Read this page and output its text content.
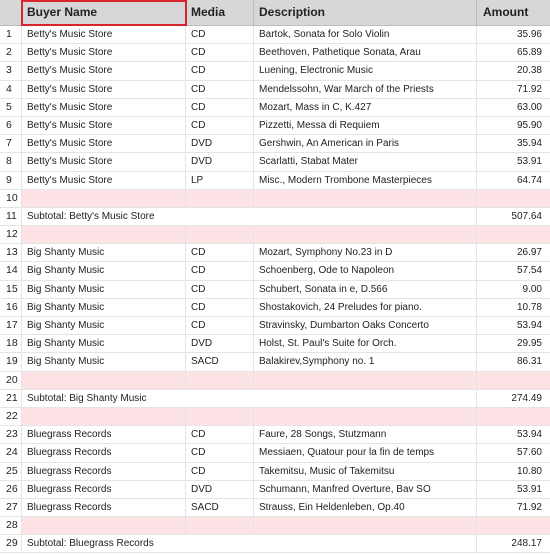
Buyer Name	Media	Description	Amount
1	Betty's Music Store	CD	Bartok, Sonata for Solo Violin	35.96
2	Betty's Music Store	CD	Beethoven, Pathetique Sonata, Arau	65.89
3	Betty's Music Store	CD	Luening, Electronic Music	20.38
4	Betty's Music Store	CD	Mendelssohn, War March of the Priests	71.92
5	Betty's Music Store	CD	Mozart, Mass in C, K.427	63.00
6	Betty's Music Store	CD	Pizzetti, Messa di Requiem	95.90
7	Betty's Music Store	DVD	Gershwin, An American in Paris	35.94
8	Betty's Music Store	DVD	Scarlatti, Stabat Mater	53.91
9	Betty's Music Store	LP	Misc., Modern Trombone Masterpieces	64.74
10
11	Subtotal: Betty's Music Store	507.64
12
13 Big Shanty Music	CD	Mozart, Symphony No.23 in D	26.97
14 Big Shanty Music	CD	Schoenberg, Ode to Napoleon	57.54
15 Big Shanty Music	CD	Schubert, Sonata in e, D.566	9.00
16 Big Shanty Music	CD	Shostakovich, 24 Preludes for piano.	10.78
17 Big Shanty Music	CD	Stravinsky, Dumbarton Oaks Concerto	53.94
18 Big Shanty Music	DVD	Holst, St. Paul's Suite for Orch.	29.95
19 Big Shanty Music	SACD	Balakirev,Symphony no. 1	86.31
20
21 Subtotal: Big Shanty Music	274.49
22
23 Bluegrass Records	CD	Faure, 28 Songs, Stutzmann	53.94
24 Bluegrass Records	CD	Messiaen, Quatour pour la fin de temps	57.60
25 Bluegrass Records	CD	Takemitsu, Music of Takemitsu	10.80
26 Bluegrass Records	DVD	Schumann, Manfred Overture, Bav SO	53.91
27 Bluegrass Records	SACD	Strauss, Ein Heldenleben, Op.40	71.92
28
29 Subtotal: Bluegrass Records	248.17
